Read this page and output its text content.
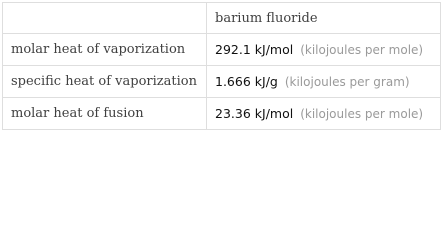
	barium fluoride
molar heat of vaporization	292.1 kJ/mol (kilojoules per mole)
specific heat of vaporization	1.666 kJ/g (kilojoules per gram)
molar heat of fusion	23.36 kJ/mol (kilojoules per mole)
